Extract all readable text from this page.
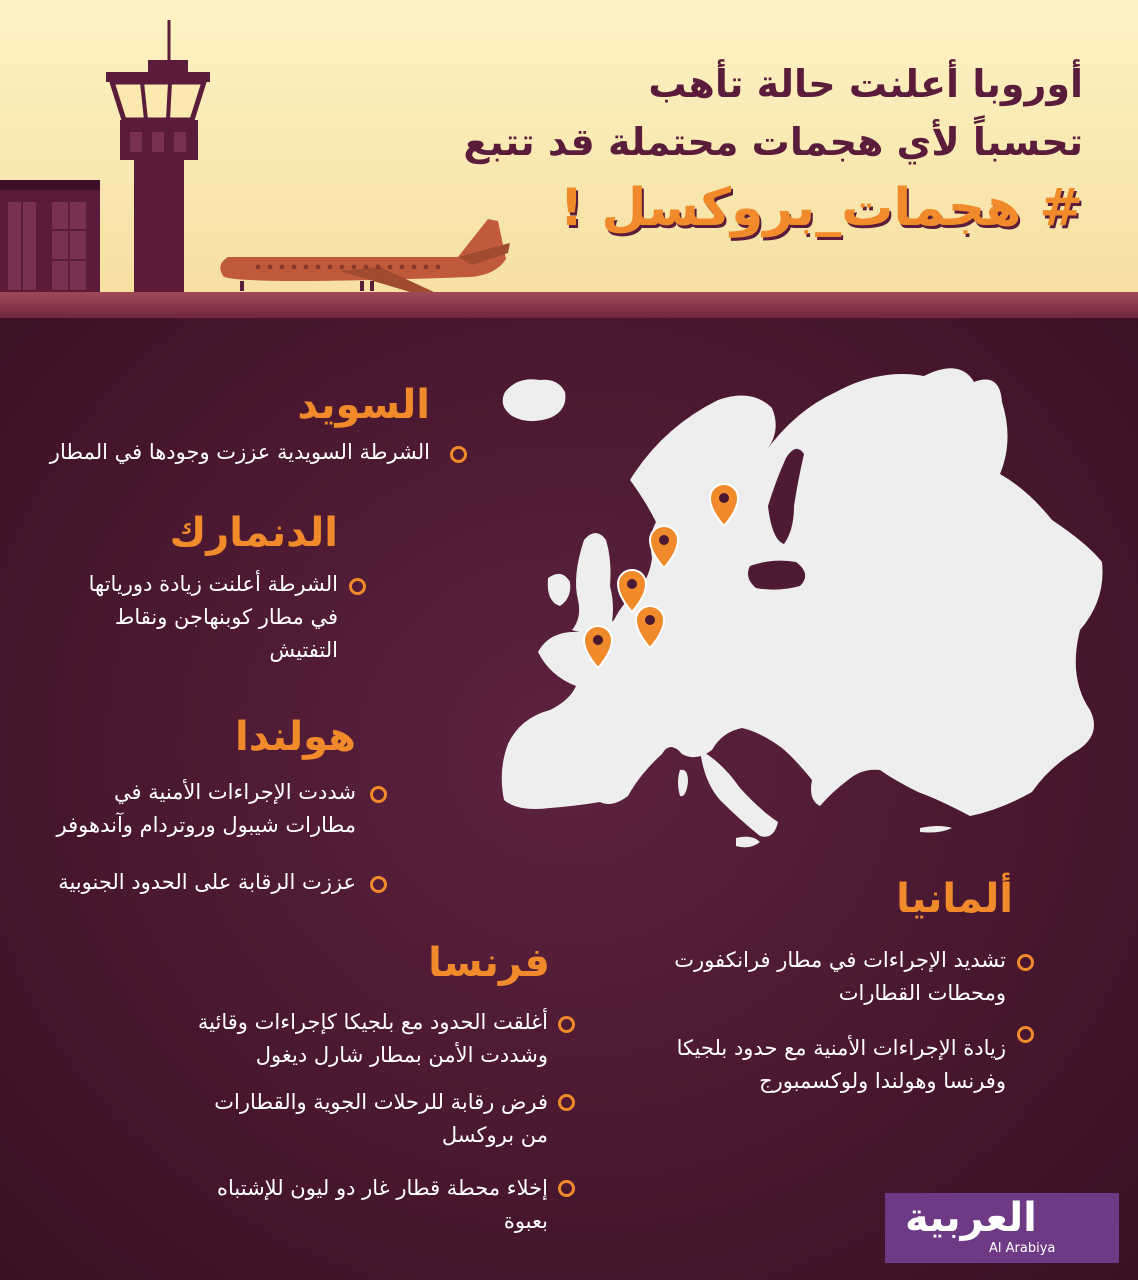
أوروبا أعلنت حالة تأهب
تحسباً لأي هجمات محتملة قد تتبع
# هجمات_بروكسل !
السويد
الشرطة السويدية عززت وجودها في المطار
الدنمارك
الشرطة أعلنت زيادة دورياتها
في مطار كوبنهاجن ونقاط
التفتيش
هولندا
شددت الإجراءات الأمنية في
مطارات شيبول وروتردام وآندهوفر
عززت الرقابة على الحدود الجنوبية	ألمانيا
تشديد الإجراءات في مطار فرانكفورت
ومحطات القطارات
زيادة الإجراءات الأمنية مع حدود بلجيكا
وفرنسا وهولندا ولوكسمبورج
فرنسا
أغلقت الحدود مع بلجيكا كإجراءات وقائية
وشددت الأمن بمطار شارل ديغول
فرض رقابة للرحلات الجوية والقطارات
من بروكسل
إخلاء محطة قطار غار دو ليون للإشتباه
بعبوة	العربية
Al Arabiya
